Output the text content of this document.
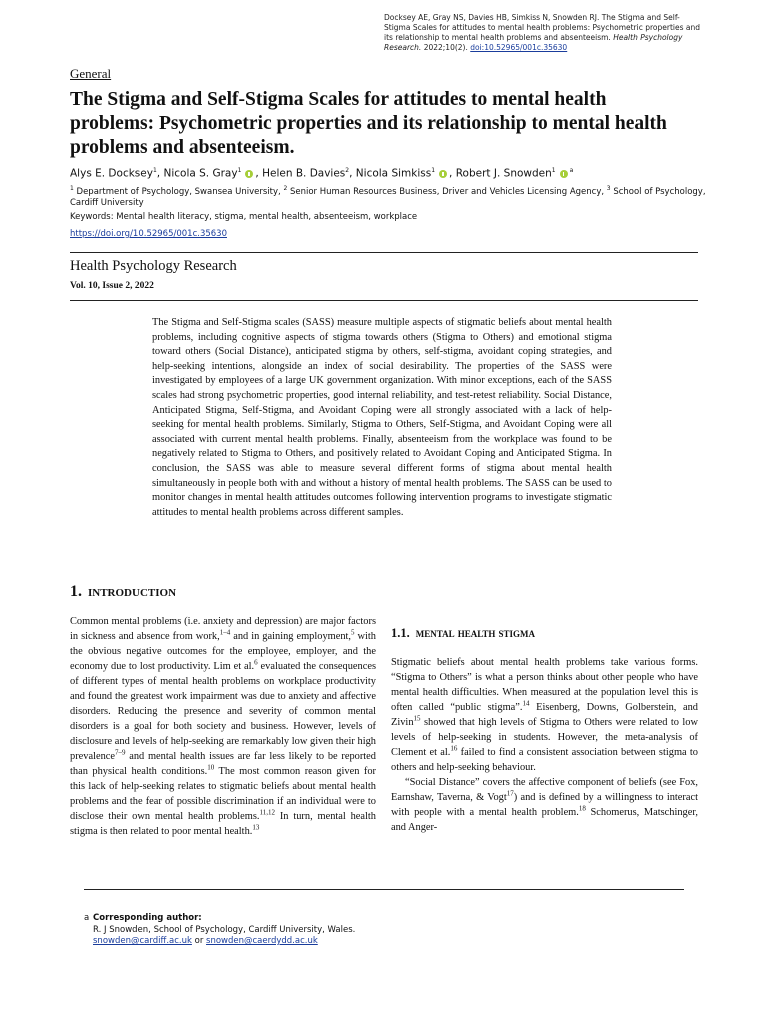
Docksey AE, Gray NS, Davies HB, Simkiss N, Snowden RJ. The Stigma and Self-Stigma Scales for attitudes to mental health problems: Psychometric properties and its relationship to mental health problems and absenteeism. Health Psychology Research. 2022;10(2). doi:10.52965/001c.35630
General
The Stigma and Self-Stigma Scales for attitudes to mental health problems: Psychometric properties and its relationship to mental health problems and absenteeism.
Alys E. Docksey$^1$, Nicola S. Gray$^1$ , Helen B. Davies$^2$, Nicola Simkiss$^1$ , Robert J. Snowden$^1$ $^a$
$^1$ Department of Psychology, Swansea University, $^2$ Senior Human Resources Business, Driver and Vehicles Licensing Agency, $^3$ School of Psychology, Cardiff University
Keywords: Mental health literacy, stigma, mental health, absenteeism, workplace
https://doi.org/10.52965/001c.35630
Health Psychology Research
Vol. 10, Issue 2, 2022

The Stigma and Self-Stigma scales (SASS) measure multiple aspects of stigmatic beliefs about mental health problems, including cognitive aspects of stigma towards others (Stigma to Others) and emotional stigma toward others (Social Distance), anticipated stigma by others, self-stigma, avoidant coping strategies, and help-seeking intentions, alongside an index of social desirability. The properties of the SASS were investigated by employees of a large UK government organization. With minor exceptions, each of the SASS scales had strong psychometric properties, good internal reliability, and test-retest reliability. Social Distance, Anticipated Stigma, Self-Stigma, and Avoidant Coping were all strongly associated with a lack of help-seeking for mental health problems. Similarly, Stigma to Others, Self-Stigma, and Avoidant Coping were all associated with current mental health problems. Finally, absenteeism from the workplace was found to be negatively related to Stigma to Others, and positively related to Avoidant Coping and Anticipated Stigma. In conclusion, the SASS was able to measure several different forms of stigma about mental health simultaneously in people both with and without a history of mental health problems. The SASS can be used to monitor changes in mental health attitudes outcomes following intervention programs to investigate stigmatic attitudes to mental health problems across different samples.

1. introduction

Common mental problems (i.e. anxiety and depression) are major factors in sickness and absence from work,$^{1-4}$ and in gaining employment,$^5$ with the obvious negative outcomes for the employee, employer, and the economy due to lost productivity. Lim et al.$^6$ evaluated the consequences of different types of mental health problems on workplace productivity and found the greatest work impairment was due to anxiety and affective disorders. Reducing the presence and severity of common mental disorders is a goal for both society and business. However, levels of disclosure and levels of help-seeking are remarkably low given their high prevalence$^{7-9}$ and mental health issues are far less likely to be reported than physical health conditions.$^{10}$ The most common reason given for this lack of help-seeking relates to stigmatic beliefs about mental health problems and the fear of possible discrimination if an individual were to disclose their own mental health problems.$^{11,12}$ In turn, mental health stigma is then related to poor mental health.$^{13}$

1.1. mental health stigma

Stigmatic beliefs about mental health problems take various forms. “Stigma to Others” is what a person thinks about other people who have mental health difficulties. When measured at the population level this is often called “public stigma”.$^{14}$ Eisenberg, Downs, Golberstein, and Zivin$^{15}$ showed that high levels of Stigma to Others were related to low levels of help-seeking in students. However, the meta-analysis of Clement et al.$^{16}$ failed to find a consistent association between stigma to others and help-seeking behaviour.

“Social Distance” covers the affective component of beliefs (see Fox, Earnshaw, Taverna, & Vogt$^{17}$) and is defined by a willingness to interact with people with a mental health problem.$^{18}$ Schomerus, Matschinger, and Anger-

a Corresponding author:
R. J Snowden, School of Psychology, Cardiff University, Wales.
snowden@cardiff.ac.uk or snowden@caerdydd.ac.uk
